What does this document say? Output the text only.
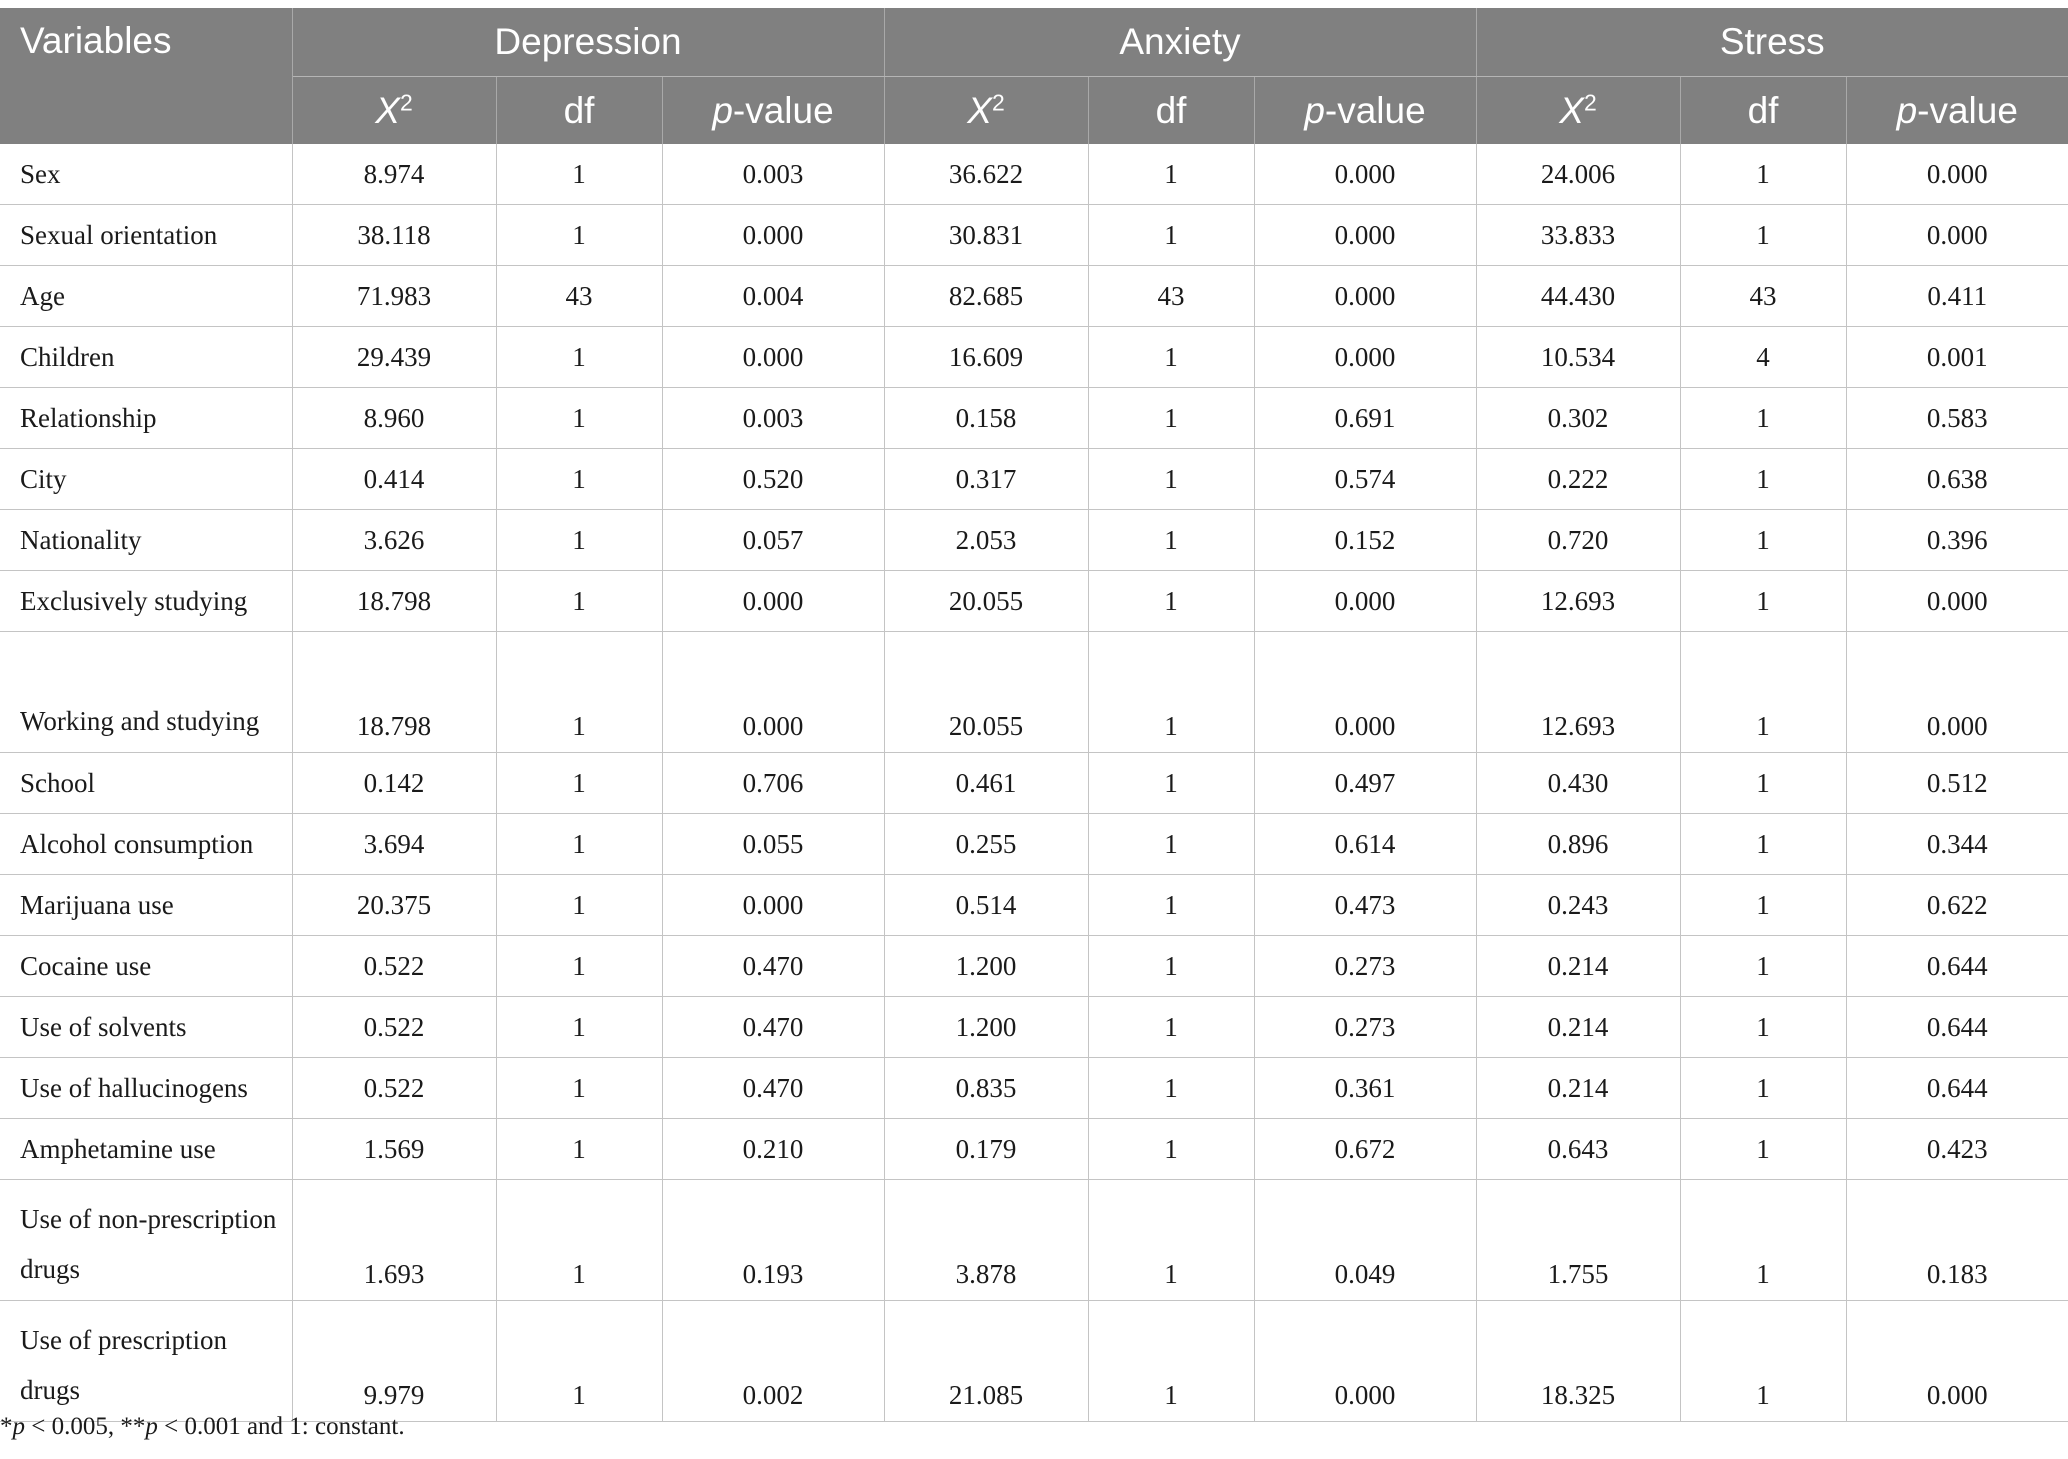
Variables	Depression			Anxiety			Stress		
	$X^2$	df	p-value	$X^2$	df	p-value	$X^2$	df	p-value
Sex	8.974	1	0.003	36.622	1	0.000	24.006	1	0.000
Sexual orientation	38.118	1	0.000	30.831	1	0.000	33.833	1	0.000
Age	71.983	43	0.004	82.685	43	0.000	44.430	43	0.411
Children	29.439	1	0.000	16.609	1	0.000	10.534	4	0.001
Relationship	8.960	1	0.003	0.158	1	0.691	0.302	1	0.583
City	0.414	1	0.520	0.317	1	0.574	0.222	1	0.638
Nationality	3.626	1	0.057	2.053	1	0.152	0.720	1	0.396
Exclusively studying	18.798	1	0.000	20.055	1	0.000	12.693	1	0.000
Working and studying	18.798	1	0.000	20.055	1	0.000	12.693	1	0.000
School	0.142	1	0.706	0.461	1	0.497	0.430	1	0.512
Alcohol consumption	3.694	1	0.055	0.255	1	0.614	0.896	1	0.344
Marijuana use	20.375	1	0.000	0.514	1	0.473	0.243	1	0.622
Cocaine use	0.522	1	0.470	1.200	1	0.273	0.214	1	0.644
Use of solvents	0.522	1	0.470	1.200	1	0.273	0.214	1	0.644
Use of hallucinogens	0.522	1	0.470	0.835	1	0.361	0.214	1	0.644
Amphetamine use	1.569	1	0.210	0.179	1	0.672	0.643	1	0.423
Use of non-prescription drugs	1.693	1	0.193	3.878	1	0.049	1.755	1	0.183
Use of prescription drugs	9.979	1	0.002	21.085	1	0.000	18.325	1	0.000
*p < 0.005, **p < 0.001 and 1: constant.
